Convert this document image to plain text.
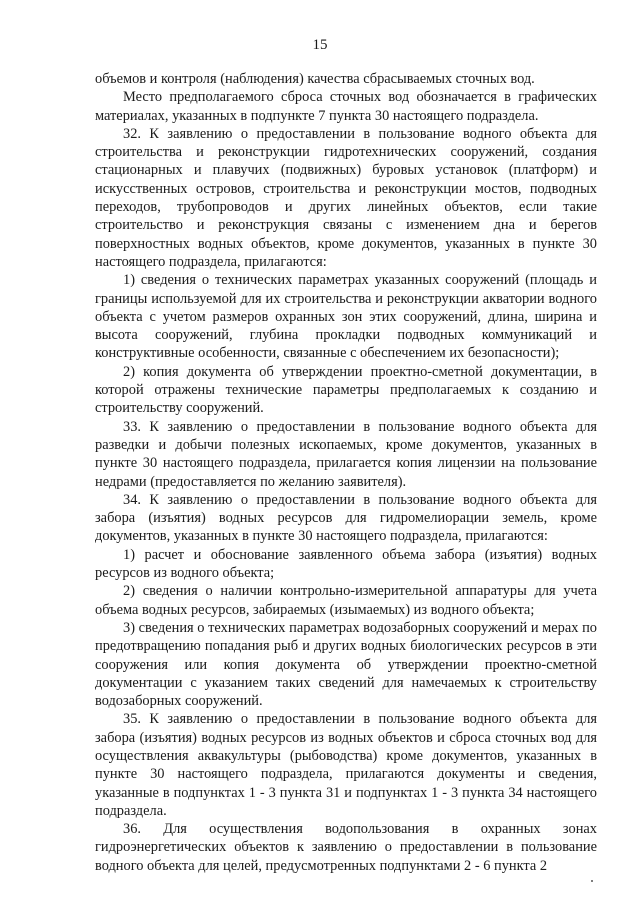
15

объемов и контроля (наблюдения) качества сбрасываемых сточных вод.

Место предполагаемого сброса сточных вод обозначается в графических материалах, указанных в подпункте 7 пункта 30 настоящего подраздела.

32. К заявлению о предоставлении в пользование водного объекта для строительства и реконструкции гидротехнических сооружений, создания стационарных и плавучих (подвижных) буровых установок (платформ) и искусственных островов, строительства и реконструкции мостов, подводных переходов, трубопроводов и других линейных объектов, если такие строительство и реконструкция связаны с изменением дна и берегов поверхностных водных объектов, кроме документов, указанных в пункте 30 настоящего подраздела, прилагаются:

1) сведения о технических параметрах указанных сооружений (площадь и границы используемой для их строительства и реконструкции акватории водного объекта с учетом размеров охранных зон этих сооружений, длина, ширина и высота сооружений, глубина прокладки подводных коммуникаций и конструктивные особенности, связанные с обеспечением их безопасности);

2) копия документа об утверждении проектно-сметной документации, в которой отражены технические параметры предполагаемых к созданию и строительству сооружений.

33. К заявлению о предоставлении в пользование водного объекта для разведки и добычи полезных ископаемых, кроме документов, указанных в пункте 30 настоящего подраздела, прилагается копия лицензии на пользование недрами (предоставляется по желанию заявителя).

34. К заявлению о предоставлении в пользование водного объекта для забора (изъятия) водных ресурсов для гидромелиорации земель, кроме документов, указанных в пункте 30 настоящего подраздела, прилагаются:

1) расчет и обоснование заявленного объема забора (изъятия) водных ресурсов из водного объекта;

2) сведения о наличии контрольно-измерительной аппаратуры для учета объема водных ресурсов, забираемых (изымаемых) из водного объекта;

3) сведения о технических параметрах водозаборных сооружений и мерах по предотвращению попадания рыб и других водных биологических ресурсов в эти сооружения или копия документа об утверждении проектно-сметной документации с указанием таких сведений для намечаемых к строительству водозаборных сооружений.

35. К заявлению о предоставлении в пользование водного объекта для забора (изъятия) водных ресурсов из водных объектов и сброса сточных вод для осуществления аквакультуры (рыбоводства) кроме документов, указанных в пункте 30 настоящего подраздела, прилагаются документы и сведения, указанные в подпунктах 1 - 3 пункта 31 и подпунктах 1 - 3 пункта 34 настоящего подраздела.

36. Для осуществления водопользования в охранных зонах гидроэнергетических объектов к заявлению о предоставлении в пользование водного объекта для целей, предусмотренных подпунктами 2 - 6 пункта 2
